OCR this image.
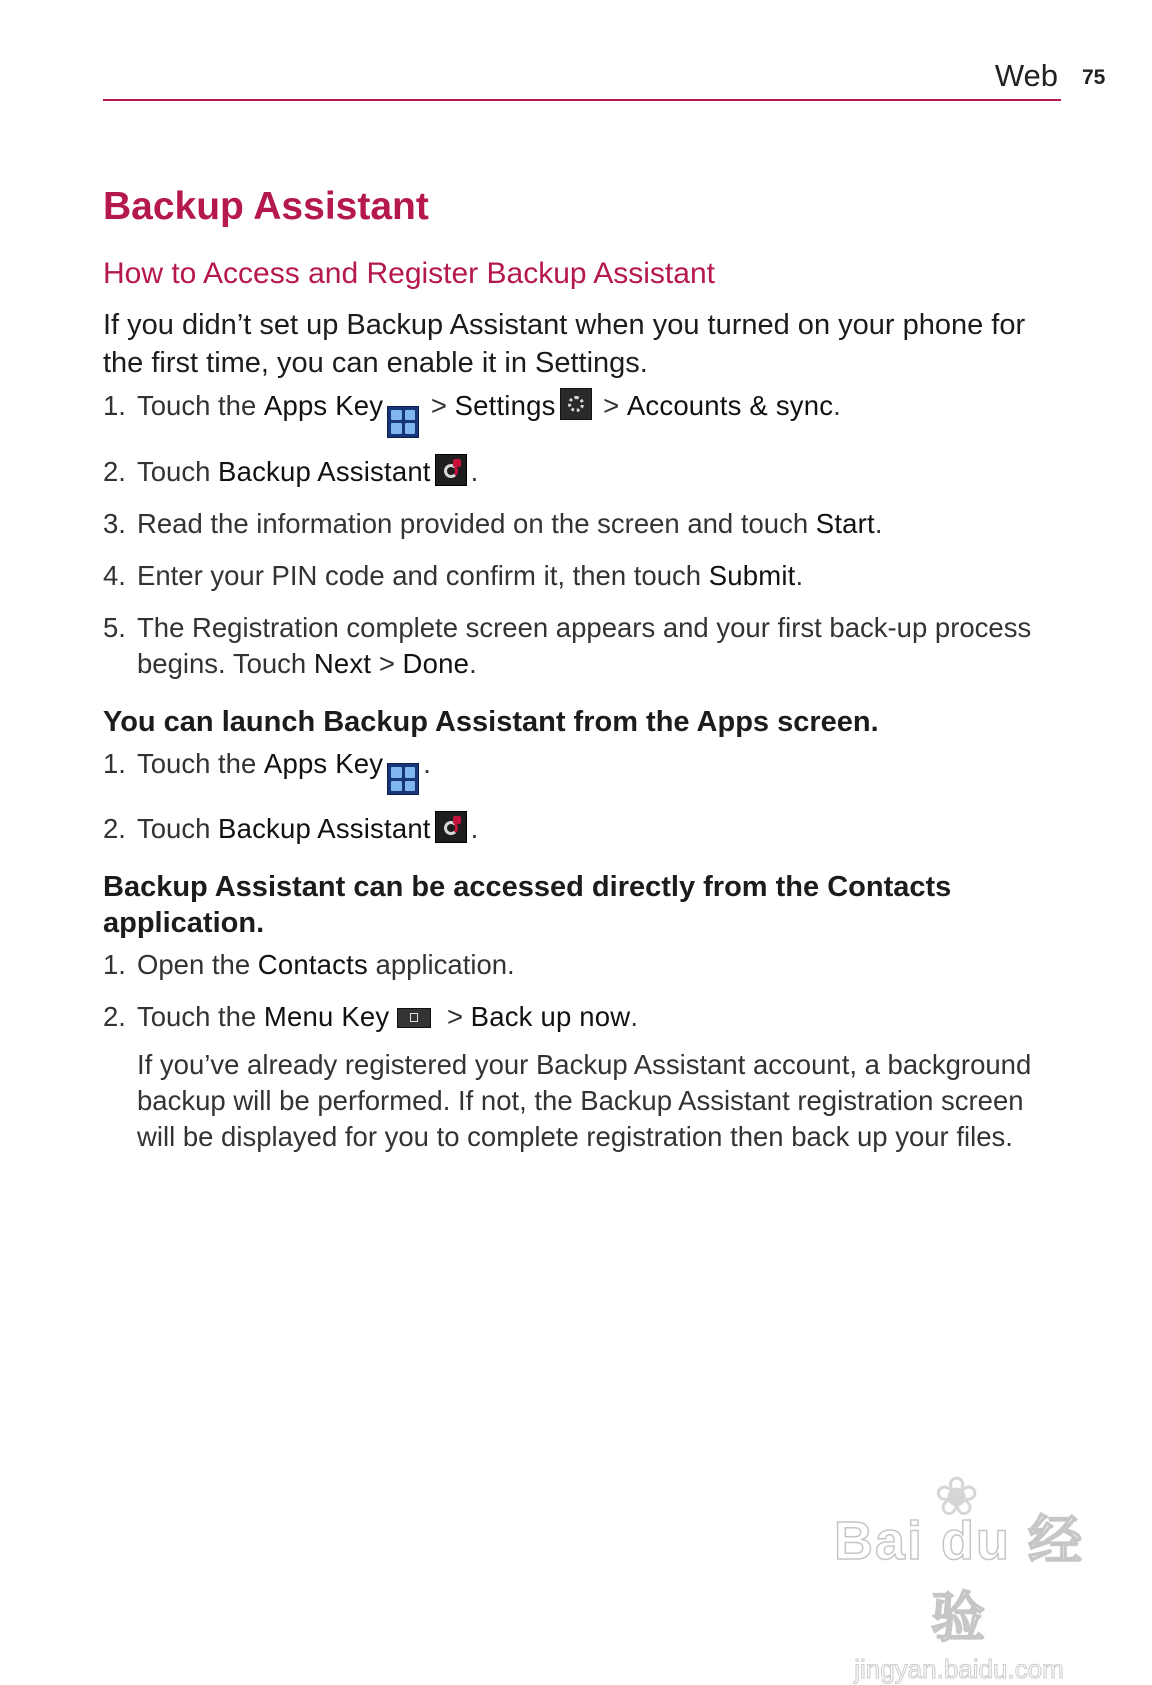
Web 75
Backup Assistant
How to Access and Register Backup Assistant

If you didn’t set up Backup Assistant when you turned on your phone for the first time, you can enable it in Settings.

1. Touch the Apps Key
> Settings > Accounts & sync.
2. Touch Backup Assistant .
3. Read the information provided on the screen and touch Start.
4. Enter your PIN code and confirm it, then touch Submit.
5. The Registration complete screen appears and your first back-up process begins. Touch Next > Done.
You can launch Backup Assistant from the Apps screen.
1. Touch the Apps Key .
2. Touch Backup Assistant .
Backup Assistant can be accessed directly from the Contacts application.
1. Open the Contacts application.
2. Touch the Menu Key > Back up now.

If you’ve already registered your Backup Assistant account, a background backup will be performed. If not, the Backup Assistant registration screen will be displayed for you to complete registration then back up your files.

❀
Bai du 经验
jingyan.baidu.com
